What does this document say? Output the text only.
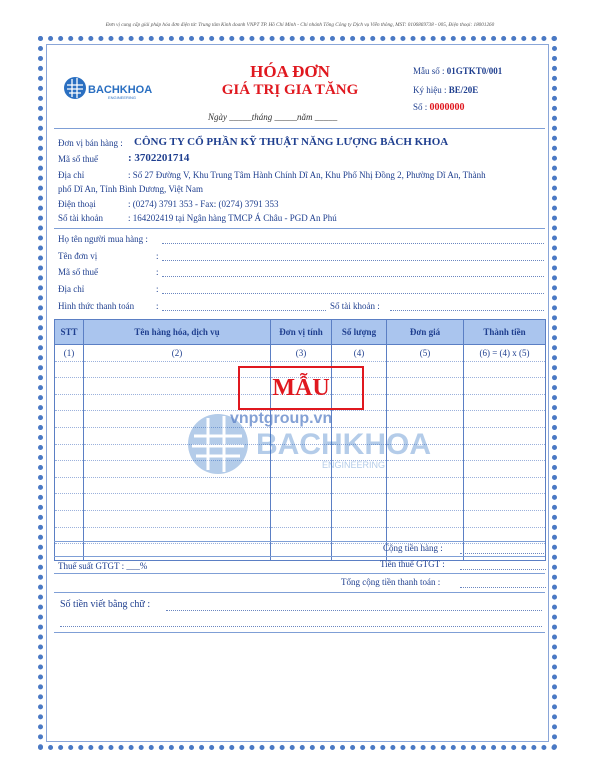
Đơn vị cung cấp giải pháp hóa đơn điện tử: Trung tâm Kinh doanh VNPT TP. Hồ Chí Minh - Chi nhánh Tổng Công ty Dịch vụ Viễn thông, MST: 0106869738 - 005, Điện thoại: 18001260
BACHKHOA
ENGINEERING
HÓA ĐƠN
GIÁ TRỊ GIA TĂNG
Ngày _____tháng _____năm _____
Mẫu số : 01GTKT0/001
Ký hiệu : BE/20E
Số : 0000000
Đơn vị bán hàng : CÔNG TY CỔ PHẦN KỸ THUẬT NĂNG LƯỢNG BÁCH KHOA
Mã số thuế	: 3702201714
Địa chỉ	: Số 27 Đường V, Khu Trung Tâm Hành Chính Dĩ An, Khu Phố Nhị Đồng 2, Phường Dĩ An, Thành
phố Dĩ An, Tỉnh Bình Dương, Việt Nam
Điện thoại	: (0274) 3791 353 - Fax: (0274) 3791 353
Số tài khoản	: 164202419 tại Ngân hàng TMCP Á Châu - PGD An Phú
Họ tên người mua hàng :
Tên đơn vị	:
Mã số thuế	:
Địa chỉ	:
Hình thức thanh toán :	Số tài khoản :
STT	Tên hàng hóa, dịch vụ	Đơn vị tính	Số lượng	Đơn giá	Thành tiền
(1)	(2)	(3)	(4)	(5)	(6) = (4) x (5)

BACHKHOA
ENGINEERING
vnptgroup.vn
MẪU
Cộng tiền hàng :
Thuế suất GTGT : ___%	Tiền thuế GTGT :
Tổng cộng tiền thanh toán :
Số tiền viết bằng chữ :
